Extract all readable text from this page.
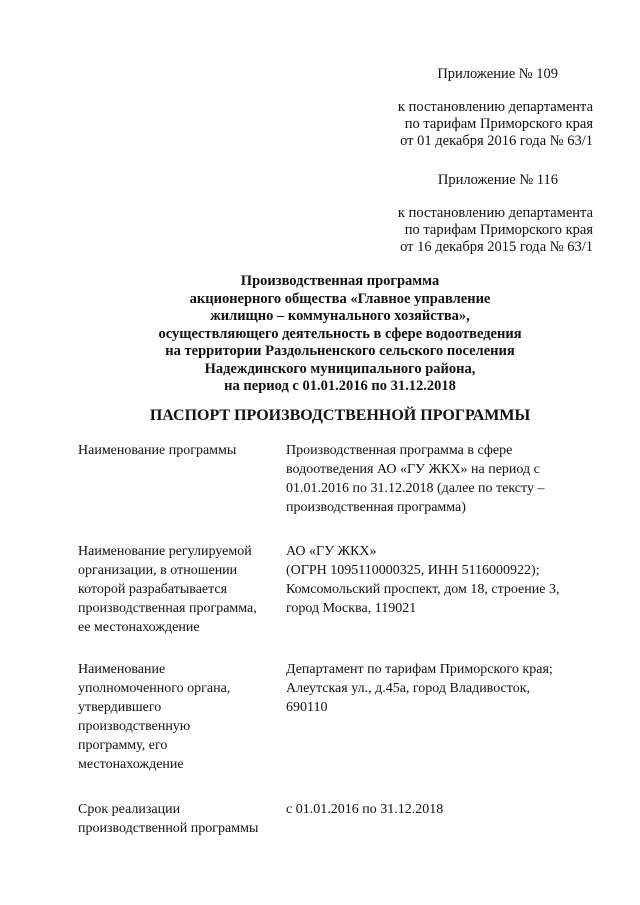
Приложение № 109
к постановлению департамента
по тарифам Приморского края
от 01 декабря 2016 года № 63/1
Приложение № 116
к постановлению департамента
по тарифам Приморского края
от 16 декабря 2015 года № 63/1
Производственная программа
акционерного общества «Главное управление
жилищно – коммунального хозяйства»,
осуществляющего деятельность в сфере водоотведения
на территории Раздольненского сельского поселения
Надеждинского муниципального района,
на период с 01.01.2016 по 31.12.2018
ПАСПОРТ ПРОИЗВОДСТВЕННОЙ ПРОГРАММЫ
Наименование программы	Производственная программа в сфере
водоотведения АО «ГУ ЖКХ» на период с
01.01.2016 по 31.12.2018 (далее по тексту –
производственная программа)
Наименование регулируемой
организации, в отношении
которой разрабатывается
производственная программа,
ее местонахождение
АО «ГУ ЖКХ»
(ОГРН 1095110000325, ИНН 5116000922);
Комсомольский проспект, дом 18, строение 3,
город Москва, 119021
Наименование
уполномоченного органа,
утвердившего
производственную
программу, его
местонахождение
Департамент по тарифам Приморского края;
Алеутская ул., д.45а, город Владивосток,
690110
Срок реализации
производственной программы
с 01.01.2016 по 31.12.2018
